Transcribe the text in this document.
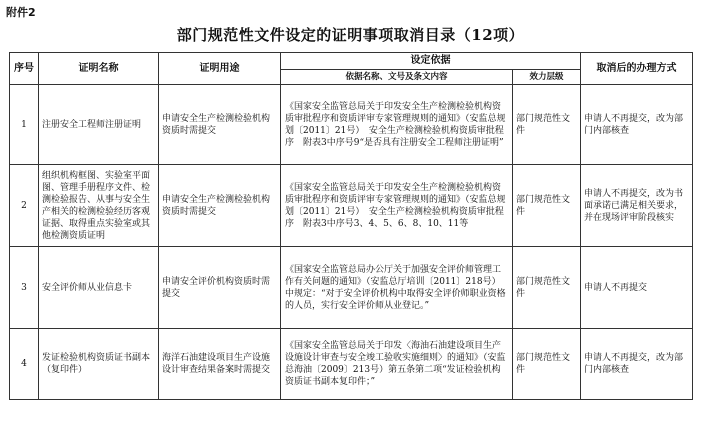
附件2
部门规范性文件设定的证明事项取消目录（12项）
序号	证明名称	证明用途	设定依据		取消后的办理方式
			依据名称、文号及条文内容	效力层级	
1	注册安全工程师注册证明	申请安全生产检测检验机构资质时需提交	《国家安全监管总局关于印发安全生产检测检验机构资质审批程序和资质评审专家管理规则的通知》（安监总规划〔2011〕21号）　安全生产检测检验机构资质审批程序　附表3中序号9“是否具有注册安全工程师注册证明”	部门规范性文件	申请人不再提交，改为部门内部核查
2	组织机构框图、实验室平面图、管理手册程序文件、检测检验报告、从事与安全生产相关的检测检验经历客观证据、取得重点实验室或其他检测资质证明	申请安全生产检测检验机构资质时需提交	《国家安全监管总局关于印发安全生产检测检验机构资质审批程序和资质评审专家管理规则的通知》（安监总规划〔2011〕21号）　安全生产检测检验机构资质审批程序　附表3中序号3、4、5、6、8、10、11等	部门规范性文件	申请人不再提交，改为书面承诺已满足相关要求，并在现场评审阶段核实
3	安全评价师从业信息卡	申请安全评价机构资质时需提交	《国家安全监管总局办公厅关于加强安全评价师管理工作有关问题的通知》（安监总厅培训〔2011〕218号）中规定：“对于安全评价机构中取得安全评价师职业资格的人员，实行安全评价师从业登记。”	部门规范性文件	申请人不再提交
4	发证检验机构资质证书副本（复印件）	海洋石油建设项目生产设施设计审查结果备案时需提交	《国家安全监管总局关于印发〈海油石油建设项目生产设施设计审查与安全竣工验收实施细则〉的通知》（安监总海油〔2009〕213号）第五条第二项“发证检验机构资质证书副本复印件；”	部门规范性文件	申请人不再提交，改为部门内部核查
